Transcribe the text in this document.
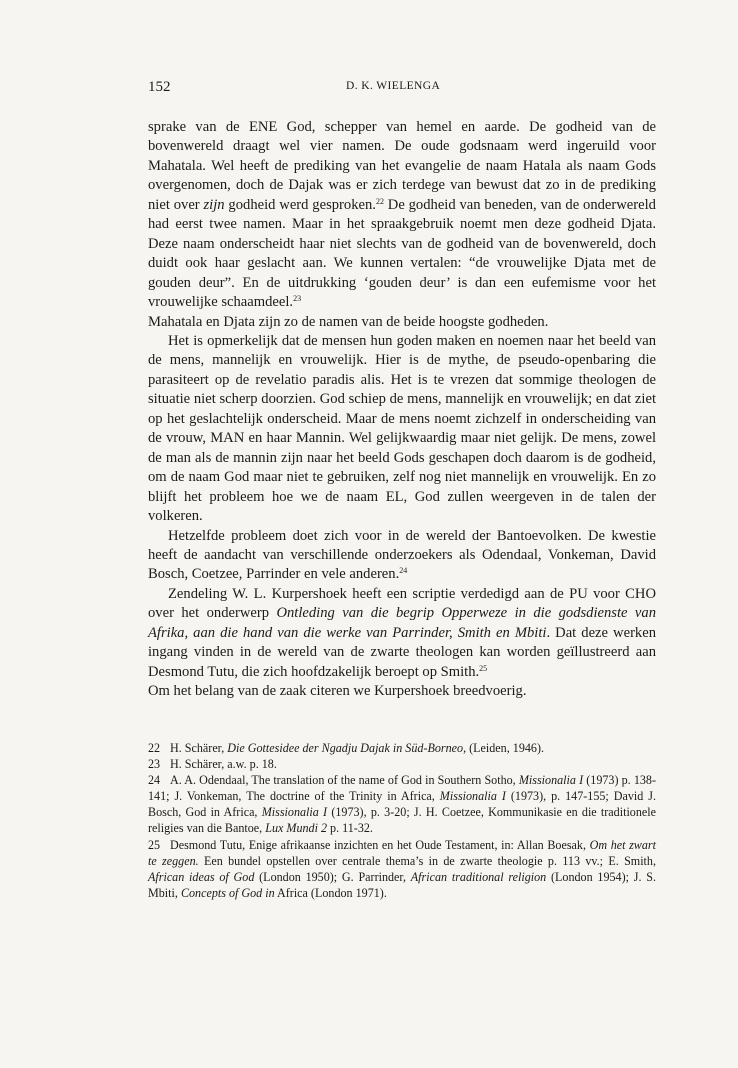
152	D. K. WIELENGA

sprake van de ENE God, schepper van hemel en aarde. De godheid van de bovenwereld draagt wel vier namen. De oude godsnaam werd ingeruild voor Mahatala. Wel heeft de prediking van het evangelie de naam Hatala als naam Gods overgenomen, doch de Dajak was er zich terdege van bewust dat zo in de prediking niet over zijn godheid werd gesproken.$^{22}$ De godheid van beneden, van de onderwereld had eerst twee namen. Maar in het spraakgebruik noemt men deze godheid Djata. Deze naam onderscheidt haar niet slechts van de godheid van de bovenwereld, doch duidt ook haar geslacht aan. We kunnen vertalen: “de vrouwelijke Djata met de gouden deur”. En de uitdrukking ‘gouden deur’ is dan een eufemisme voor het vrouwelijke schaamdeel.$^{23}$

Mahatala en Djata zijn zo de namen van de beide hoogste godheden.

Het is opmerkelijk dat de mensen hun goden maken en noemen naar het beeld van de mens, mannelijk en vrouwelijk. Hier is de mythe, de pseudo-openbaring die parasiteert op de revelatio paradis alis. Het is te vrezen dat sommige theologen de situatie niet scherp doorzien. God schiep de mens, mannelijk en vrouwelijk; en dat ziet op het geslachtelijk onderscheid. Maar de mens noemt zichzelf in onderscheiding van de vrouw, MAN en haar Mannin. Wel gelijkwaardig maar niet gelijk. De mens, zowel de man als de mannin zijn naar het beeld Gods geschapen doch daarom is de godheid, om de naam God maar niet te gebruiken, zelf nog niet mannelijk en vrouwelijk. En zo blijft het probleem hoe we de naam EL, God zullen weergeven in de talen der volkeren.

Hetzelfde probleem doet zich voor in de wereld der Bantoevolken. De kwestie heeft de aandacht van verschillende onderzoekers als Odendaal, Vonkeman, David Bosch, Coetzee, Parrinder en vele anderen.$^{24}$

Zendeling W. L. Kurpershoek heeft een scriptie verdedigd aan de PU voor CHO over het onderwerp Ontleding van die begrip Opperweze in die godsdienste van Afrika, aan die hand van die werke van Parrinder, Smith en Mbiti. Dat deze werken ingang vinden in de wereld van de zwarte theologen kan worden geïllustreerd aan Desmond Tutu, die zich hoofdzakelijk beroept op Smith.$^{25}$

Om het belang van de zaak citeren we Kurpershoek breedvoerig.

22 H. Schärer, Die Gottesidee der Ngadju Dajak in Süd-Borneo, (Leiden, 1946).

23 H. Schärer, a.w. p. 18.

24 A. A. Odendaal, The translation of the name of God in Southern Sotho, Missionalia I (1973) p. 138-141; J. Vonkeman, The doctrine of the Trinity in Africa, Missionalia I (1973), p. 147-155; David J. Bosch, God in Africa, Missionalia I (1973), p. 3-20; J. H. Coetzee, Kommunikasie en die traditionele religies van die Bantoe, Lux Mundi 2 p. 11-32.

25 Desmond Tutu, Enige afrikaanse inzichten en het Oude Testament, in: Allan Boesak, Om het zwart te zeggen. Een bundel opstellen over centrale thema’s in de zwarte theologie p. 113 vv.; E. Smith, African ideas of God (London 1950); G. Parrinder, African traditional religion (London 1954); J. S. Mbiti, Concepts of God in Africa (London 1971).
